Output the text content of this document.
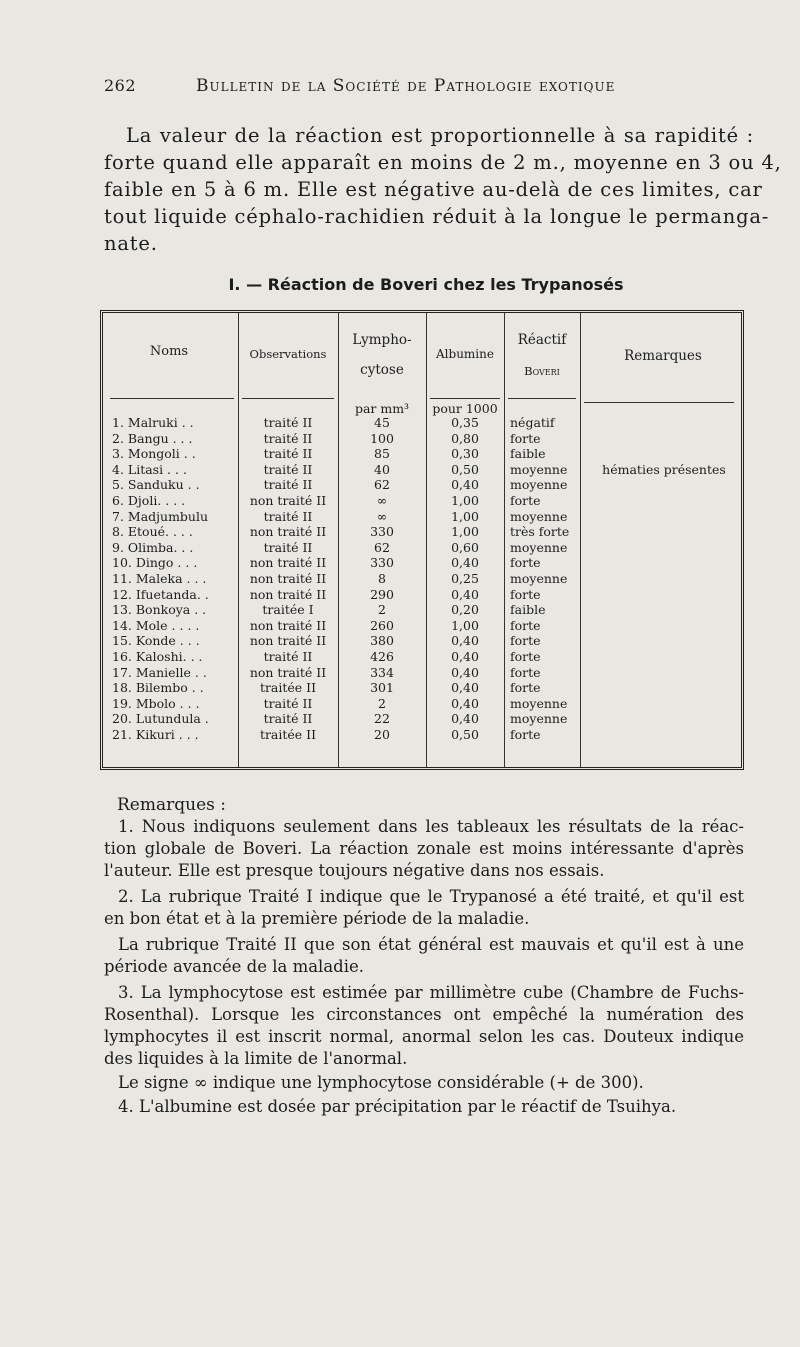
262	Bulletin de la Société de Pathologie exotique
La valeur de la réaction est proportionnelle à sa rapidité :
forte quand elle apparaît en moins de 2 m., moyenne en 3 ou 4,
faible en 5 à 6 m. Elle est négative au-delà de ces limites, car
tout liquide céphalo-rachidien réduit à la longue le permanga-
nate.
I. — Réaction de Boveri chez les Trypanosés
Noms	Observations
Lympho-
cytose
Albumine
Réactif
Boveri
Remarques
par mm³	pour 1000
1. Malruki . .	traité II	45	0,35	négatif
2. Bangu . . .	traité II	100	0,80	forte
3. Mongoli . .	traité II	85	0,30	faible
4. Litasi . . .	traité II	40	0,50	moyenne	hématies présentes
5. Sanduku . .	traité II	62	0,40	moyenne
6. Djoli. . . .	non traité II	∞	1,00	forte
7. Madjumbulu	traité II	∞	1,00	moyenne
8. Etoué. . . .	non traité II	330	1,00	très forte
9. Olimba. . .	traité II	62	0,60	moyenne
10. Dingo . . .	non traité II	330	0,40	forte
11. Maleka . . .	non traité II	8	0,25	moyenne
12. Ifuetanda. .	non traité II	290	0,40	forte
13. Bonkoya . .	traitée I	2	0,20	faible
14. Mole . . . .	non traité II	260	1,00	forte
15. Konde . . .	non traité II	380	0,40	forte
16. Kaloshi. . .	traité II	426	0,40	forte
17. Manielle . .	non traité II	334	0,40	forte
18. Bilembo . .	traitée II	301	0,40	forte
19. Mbolo . . .	traité II	2	0,40	moyenne
20. Lutundula .	traité II	22	0,40	moyenne
21. Kikuri . . .	traitée II	20	0,50	forte
Remarques :

1. Nous indiquons seulement dans les tableaux les résultats de la réac-
tion globale de Boveri. La réaction zonale est moins intéressante d'après
l'auteur. Elle est presque toujours négative dans nos essais.

2. La rubrique Traité I indique que le Trypanosé a été traité, et qu'il est
en bon état et à la première période de la maladie.

La rubrique Traité II que son état général est mauvais et qu'il est à une
période avancée de la maladie.

3. La lymphocytose est estimée par millimètre cube (Chambre de Fuchs-
Rosenthal). Lorsque les circonstances ont empêché la numération des
lymphocytes il est inscrit normal, anormal selon les cas. Douteux indique
des liquides à la limite de l'anormal.

Le signe ∞ indique une lymphocytose considérable (+ de 300).

4. L'albumine est dosée par précipitation par le réactif de Tsuihya.
